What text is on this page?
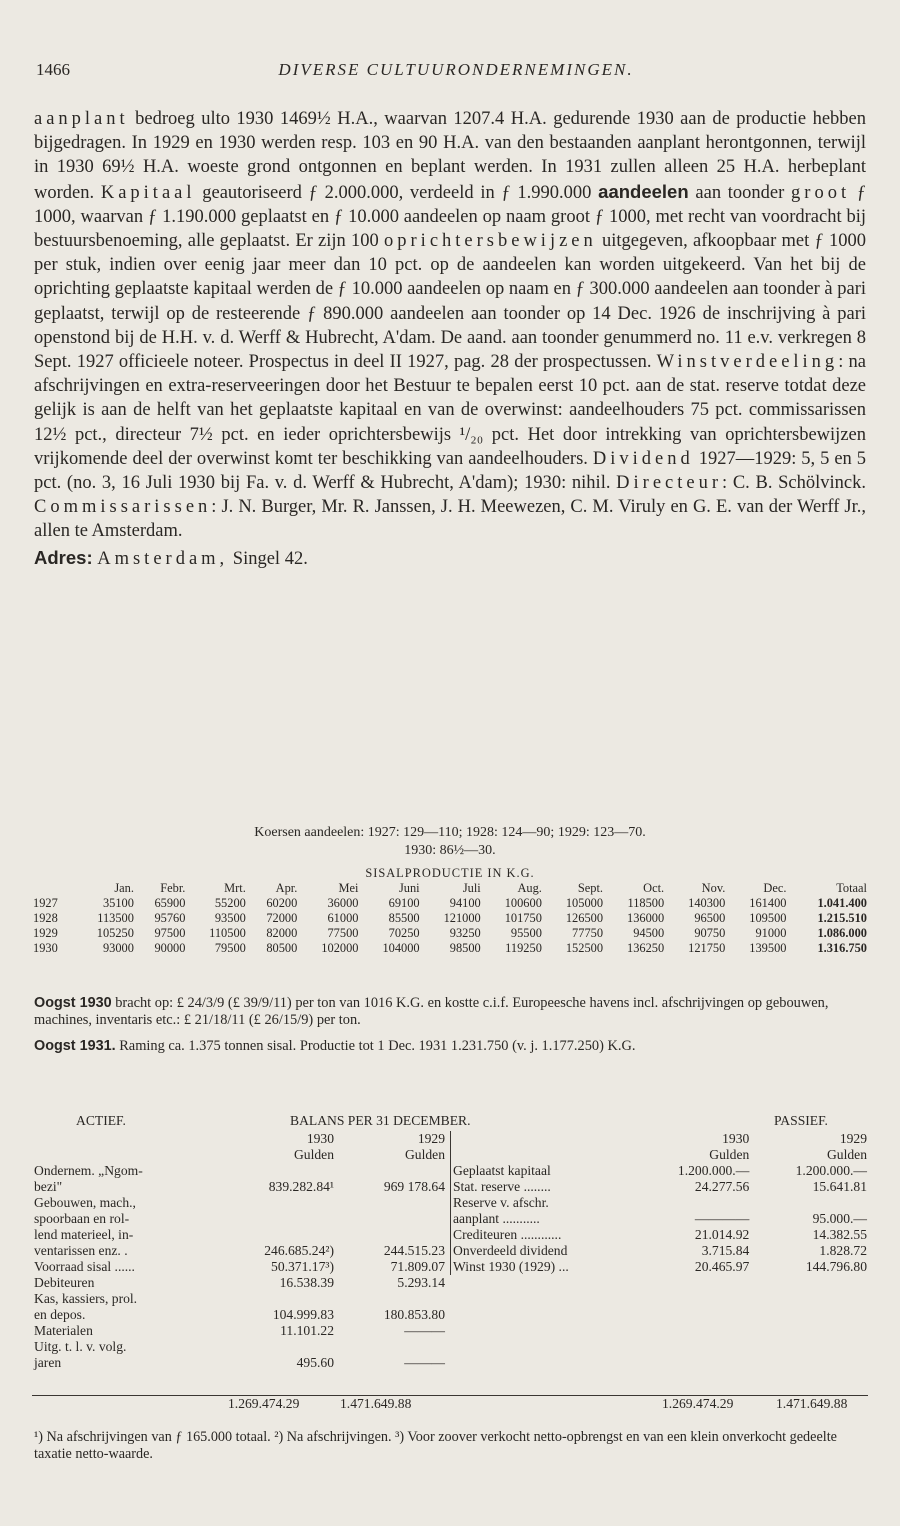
1466	DIVERSE CULTUURONDERNEMINGEN.
aanplant bedroeg ulto 1930 1469½ H.A., waarvan 1207.4 H.A. gedurende 1930 aan de productie hebben bijgedragen. In 1929 en 1930 werden resp. 103 en 90 H.A. van den bestaanden aanplant herontgonnen, terwijl in 1930 69½ H.A. woeste grond ontgonnen en beplant werden. In 1931 zullen alleen 25 H.A. herbeplant worden. Kapitaal geautoriseerd ƒ 2.000.000, verdeeld in ƒ 1.990.000 aandeelen aan toonder groot ƒ 1000, waarvan ƒ 1.190.000 geplaatst en ƒ 10.000 aandeelen op naam groot ƒ 1000, met recht van voordracht bij bestuursbenoeming, alle geplaatst. Er zijn 100 oprichtersbewijzen uitgegeven, afkoopbaar met ƒ 1000 per stuk, indien over eenig jaar meer dan 10 pct. op de aandeelen kan worden uitgekeerd. Van het bij de oprichting geplaatste kapitaal werden de ƒ 10.000 aandeelen op naam en ƒ 300.000 aandeelen aan toonder à pari geplaatst, terwijl op de resteerende ƒ 890.000 aandeelen aan toonder op 14 Dec. 1926 de inschrijving à pari openstond bij de H.H. v. d. Werff & Hubrecht, A'dam. De aand. aan toonder genummerd no. 11 e.v. verkregen 8 Sept. 1927 officieele noteer. Prospectus in deel II 1927, pag. 28 der prospectussen. Winstverdeeling: na afschrijvingen en extra-reserveeringen door het Bestuur te bepalen eerst 10 pct. aan de stat. reserve totdat deze gelijk is aan de helft van het geplaatste kapitaal en van de overwinst: aandeelhouders 75 pct. commissarissen 12½ pct., directeur 7½ pct. en ieder oprichtersbewijs ¹/₂₀ pct. Het door intrekking van oprichtersbewijzen vrijkomende deel der overwinst komt ter beschikking van aandeelhouders. Dividend 1927—1929: 5, 5 en 5 pct. (no. 3, 16 Juli 1930 bij Fa. v. d. Werff & Hubrecht, A'dam); 1930: nihil. Directeur: C. B. Schölvinck. Commissarissen: J. N. Burger, Mr. R. Janssen, J. H. Meewezen, C. M. Viruly en G. E. van der Werff Jr., allen te Amsterdam.
Adres: Amsterdam, Singel 42.
Koersen aandeelen: 1927: 129—110; 1928: 124—90; 1929: 123—70.
1930: 86½—30.
SISALPRODUCTIE IN K.G.													
	Jan.	Febr.	Mrt.	Apr.	Mei	Juni	Juli	Aug.	Sept.	Oct.	Nov.	Dec.	Totaal
1927	35100	65900	55200	60200	36000	69100	94100	100600	105000	118500	140300	161400	1.041.400
1928	113500	95760	93500	72000	61000	85500	121000	101750	126500	136000	96500	109500	1.215.510
1929	105250	97500	110500	82000	77500	70250	93250	95500	77750	94500	90750	91000	1.086.000
1930	93000	90000	79500	80500	102000	104000	98500	119250	152500	136250	121750	139500	1.316.750

Oogst 1930 bracht op: £ 24/3/9 (£ 39/9/11) per ton van 1016 K.G. en kostte c.i.f. Europeesche havens incl. afschrijvingen op gebouwen, machines, inventaris etc.: £ 21/18/11 (£ 26/15/9) per ton.

Oogst 1931. Raming ca. 1.375 tonnen sisal. Productie tot 1 Dec. 1931 1.231.750 (v. j. 1.177.250) K.G.

ACTIEF.	BALANS PER 31 DECEMBER.	PASSIEF.
	1930	1929
	Gulden	Gulden
Ondernem. „Ngom-		
bezi"	839.282.84¹	969 178.64
Gebouwen, mach.,		
spoorbaan en rol-		
lend materieel, in-		
ventarissen enz. .	246.685.24²)	244.515.23
Voorraad sisal ......	50.371.17³)	71.809.07
Debiteuren	16.538.39	5.293.14
Kas, kassiers, prol.		
en depos.	104.999.83	180.853.80
Materialen	11.101.22	———
Uitg. t. l. v. volg.		
jaren	495.60	———
	1930	1929
	Gulden	Gulden
Geplaatst kapitaal	1.200.000.—	1.200.000.—
Stat. reserve ........	24.277.56	15.641.81
Reserve v. afschr.		
aanplant ...........	————	95.000.—
Crediteuren ............	21.014.92	14.382.55
Onverdeeld dividend	3.715.84	1.828.72
Winst 1930 (1929) ...	20.465.97	144.796.80
1.269.474.29	1.471.649.88	1.269.474.29	1.471.649.88
¹) Na afschrijvingen van ƒ 165.000 totaal. ²) Na afschrijvingen. ³) Voor zoover verkocht netto-opbrengst en van een klein onverkocht gedeelte taxatie netto-waarde.
